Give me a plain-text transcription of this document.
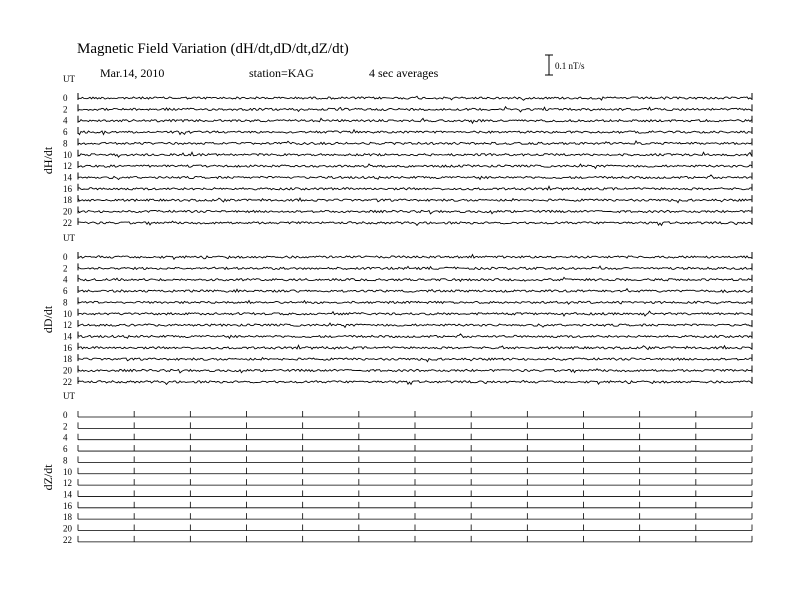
Magnetic Field Variation (dH/dt,dD/dt,dZ/dt)
Mar.14, 2010	station=KAG	4 sec averages	0.1 nT/s
UT
dH/dt
0
2
4
6
8
10
12
14
16
18
20
22
UT
dD/dt
0
2
4
6
8
10
12
14
16
18
20
22
UT
dZ/dt
0
2
4
6
8
10
12
14
16
18
20
22
